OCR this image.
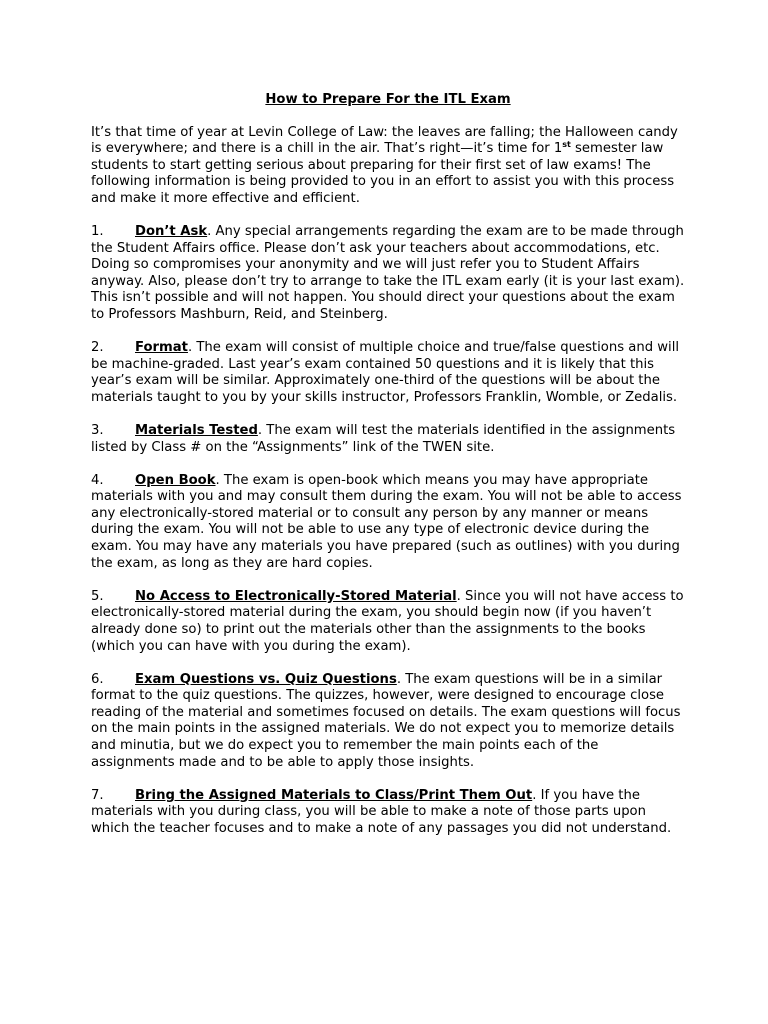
How to Prepare For the ITL Exam
It’s that time of year at Levin College of Law: the leaves are falling; the Halloween candy is everywhere; and there is a chill in the air. That’s right—it’s time for 1st semester law students to start getting serious about preparing for their first set of law exams! The following information is being provided to you in an effort to assist you with this process and make it more effective and efficient.
1. Don’t Ask. Any special arrangements regarding the exam are to be made through the Student Affairs office. Please don’t ask your teachers about accommodations, etc. Doing so compromises your anonymity and we will just refer you to Student Affairs anyway. Also, please don’t try to arrange to take the ITL exam early (it is your last exam). This isn’t possible and will not happen. You should direct your questions about the exam to Professors Mashburn, Reid, and Steinberg.
2. Format. The exam will consist of multiple choice and true/false questions and will be machine-graded. Last year’s exam contained 50 questions and it is likely that this year’s exam will be similar. Approximately one-third of the questions will be about the materials taught to you by your skills instructor, Professors Franklin, Womble, or Zedalis.
3. Materials Tested. The exam will test the materials identified in the assignments listed by Class # on the “Assignments” link of the TWEN site.
4. Open Book. The exam is open-book which means you may have appropriate materials with you and may consult them during the exam. You will not be able to access any electronically-stored material or to consult any person by any manner or means during the exam. You will not be able to use any type of electronic device during the exam. You may have any materials you have prepared (such as outlines) with you during the exam, as long as they are hard copies.
5. No Access to Electronically-Stored Material. Since you will not have access to electronically-stored material during the exam, you should begin now (if you haven’t already done so) to print out the materials other than the assignments to the books (which you can have with you during the exam).
6. Exam Questions vs. Quiz Questions. The exam questions will be in a similar format to the quiz questions. The quizzes, however, were designed to encourage close reading of the material and sometimes focused on details. The exam questions will focus on the main points in the assigned materials. We do not expect you to memorize details and minutia, but we do expect you to remember the main points each of the assignments made and to be able to apply those insights.
7. Bring the Assigned Materials to Class/Print Them Out. If you have the materials with you during class, you will be able to make a note of those parts upon which the teacher focuses and to make a note of any passages you did not understand.
